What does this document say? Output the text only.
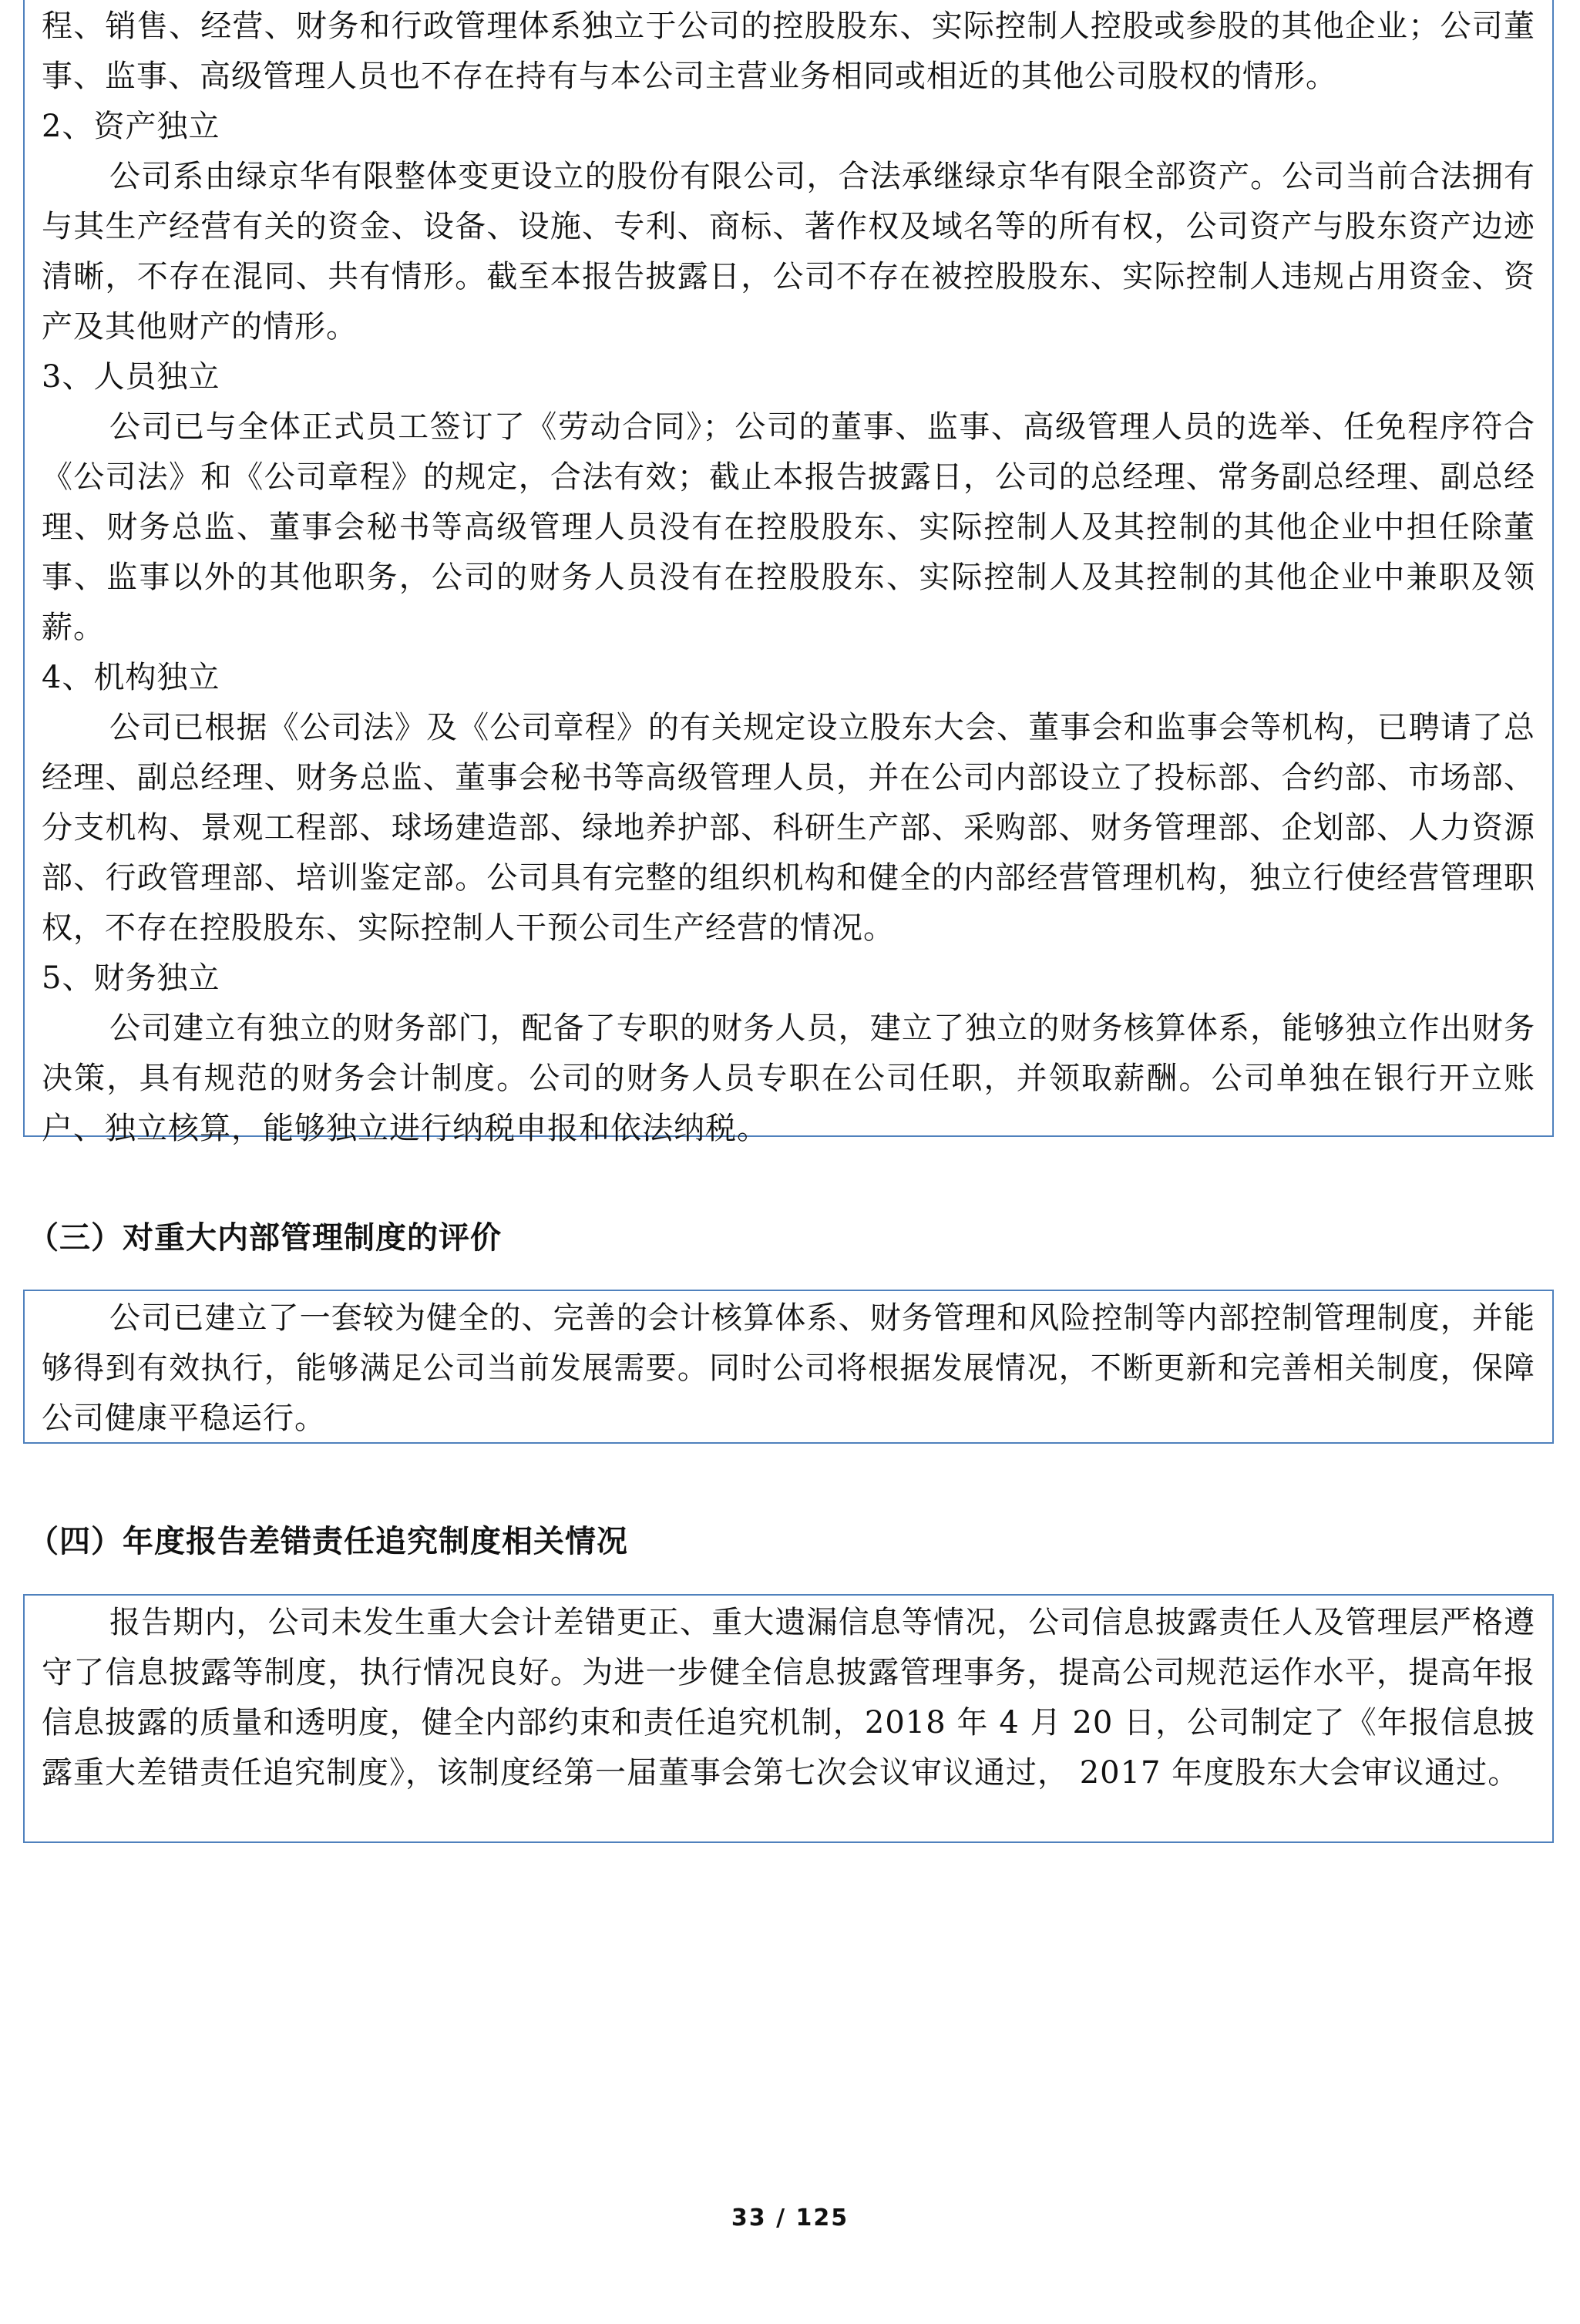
程、销售、经营、财务和行政管理体系独立于公司的控股股东、实际控制人控股或参股的其他企业；公司董事、监事、高级管理人员也不存在持有与本公司主营业务相同或相近的其他公司股权的情形。

2、资产独立

公司系由绿京华有限整体变更设立的股份有限公司，合法承继绿京华有限全部资产。公司当前合法拥有与其生产经营有关的资金、设备、设施、专利、商标、著作权及域名等的所有权，公司资产与股东资产边迹清晰，不存在混同、共有情形。截至本报告披露日，公司不存在被控股股东、实际控制人违规占用资金、资产及其他财产的情形。

3、人员独立

公司已与全体正式员工签订了《劳动合同》；公司的董事、监事、高级管理人员的选举、任免程序符合《公司法》和《公司章程》的规定，合法有效；截止本报告披露日，公司的总经理、常务副总经理、副总经理、财务总监、董事会秘书等高级管理人员没有在控股股东、实际控制人及其控制的其他企业中担任除董事、监事以外的其他职务，公司的财务人员没有在控股股东、实际控制人及其控制的其他企业中兼职及领薪。

4、机构独立

公司已根据《公司法》及《公司章程》的有关规定设立股东大会、董事会和监事会等机构，已聘请了总经理、副总经理、财务总监、董事会秘书等高级管理人员，并在公司内部设立了投标部、合约部、市场部、分支机构、景观工程部、球场建造部、绿地养护部、科研生产部、采购部、财务管理部、企划部、人力资源部、行政管理部、培训鉴定部。公司具有完整的组织机构和健全的内部经营管理机构，独立行使经营管理职权，不存在控股股东、实际控制人干预公司生产经营的情况。

5、财务独立

公司建立有独立的财务部门，配备了专职的财务人员，建立了独立的财务核算体系，能够独立作出财务决策，具有规范的财务会计制度。公司的财务人员专职在公司任职，并领取薪酬。公司单独在银行开立账户、独立核算，能够独立进行纳税申报和依法纳税。

（三）对重大内部管理制度的评价

公司已建立了一套较为健全的、完善的会计核算体系、财务管理和风险控制等内部控制管理制度，并能够得到有效执行，能够满足公司当前发展需要。同时公司将根据发展情况，不断更新和完善相关制度，保障公司健康平稳运行。

（四）年度报告差错责任追究制度相关情况

报告期内，公司未发生重大会计差错更正、重大遗漏信息等情况，公司信息披露责任人及管理层严格遵守了信息披露等制度，执行情况良好。为进一步健全信息披露管理事务，提高公司规范运作水平，提高年报信息披露的质量和透明度，健全内部约束和责任追究机制，2018 年 4 月 20 日，公司制定了《年报信息披露重大差错责任追究制度》，该制度经第一届董事会第七次会议审议通过， 2017 年度股东大会审议通过。

33 / 125
